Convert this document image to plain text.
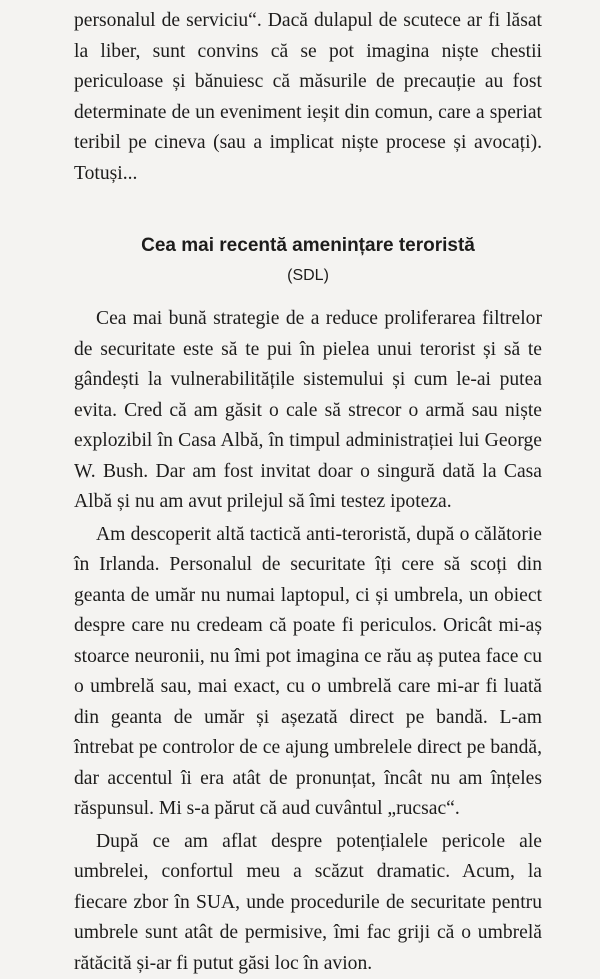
personalul de serviciu“. Dacă dulapul de scutece ar fi lăsat la liber, sunt convins că se pot imagina niște chestii periculoase și bănuiesc că măsurile de precauție au fost determinate de un eveniment ieșit din comun, care a speriat teribil pe cineva (sau a implicat niște procese și avocați). Totuși...

Cea mai recentă amenințare teroristă
(SDL)

Cea mai bună strategie de a reduce proliferarea filtrelor de securitate este să te pui în pielea unui terorist și să te gândești la vulnerabilitățile sistemului și cum le-ai putea evita. Cred că am găsit o cale să strecor o armă sau niște explozibil în Casa Albă, în timpul administrației lui George W. Bush. Dar am fost invitat doar o singură dată la Casa Albă și nu am avut prilejul să îmi testez ipoteza.

Am descoperit altă tactică anti-teroristă, după o călătorie în Irlanda. Personalul de securitate îți cere să scoți din geanta de umăr nu numai laptopul, ci și umbrela, un obiect despre care nu credeam că poate fi periculos. Oricât mi-aș stoarce neuronii, nu îmi pot imagina ce rău aș putea face cu o umbrelă sau, mai exact, cu o umbrelă care mi-ar fi luată din geanta de umăr și așezată direct pe bandă. L-am întrebat pe controlor de ce ajung umbrelele direct pe bandă, dar accentul îi era atât de pronunțat, încât nu am înțeles răspunsul. Mi s-a părut că aud cuvântul „rucsac“.

După ce am aflat despre potențialele pericole ale umbrelei, confortul meu a scăzut dramatic. Acum, la fiecare zbor în SUA, unde procedurile de securitate pentru umbrele sunt atât de permisive, îmi fac griji că o umbrelă rătăcită și-ar fi putut găsi loc în avion.
